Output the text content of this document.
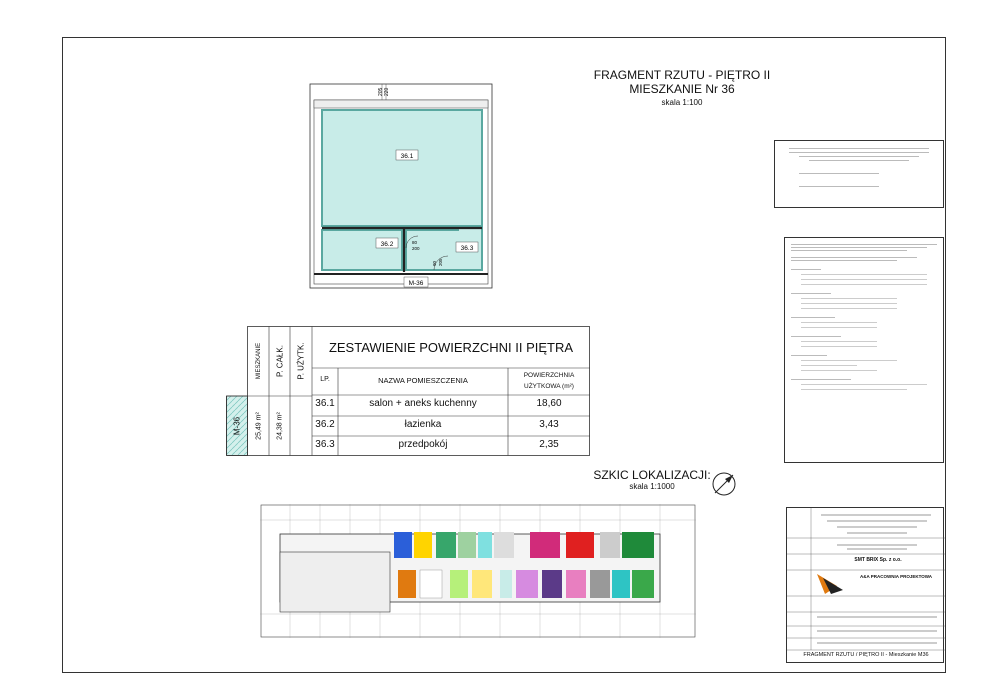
FRAGMENT RZUTU - PIĘTRO II
MIESZKANIE Nr 36
skala 1:100
205 220
80
200
90 205
36.1
36.2
36.3
M-36
MIESZKANIE P. CAŁK. P. UŻYTK.	ZESTAWIENIE POWIERZCHNI II PIĘTRA
LP.	NAZWA POMIESZCZENIA
POWIERZCHNIA
UŻYTKOWA (m²)
M-36 25,49 m² 24,38 m²
36.1	salon + aneks kuchenny	18,60
36.2	łazienka	3,43
36.3	przedpokój	2,35
SZKIC LOKALIZACJI:
skala 1:1000
SMT BRIX Sp. z o.o.
A&A PRACOWNIA PROJEKTOWA
FRAGMENT RZUTU / PIĘTRO II - Mieszkanie M36
